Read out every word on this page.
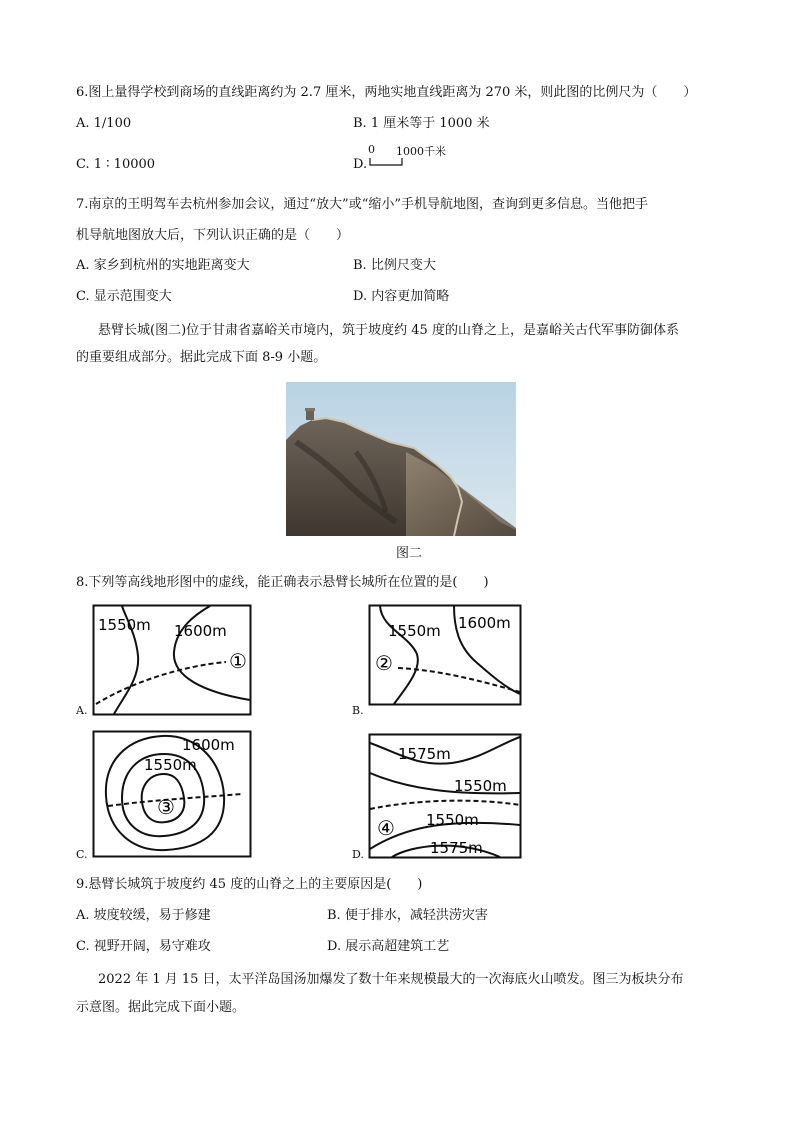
6.图上量得学校到商场的直线距离约为 2.7 厘米，两地实地直线距离为 270 米，则此图的比例尺为（　　）
A. 1/100	B. 1 厘米等于 1000 米
C. 1 ∶ 10000	D.
0 1000千米
7.南京的王明驾车去杭州参加会议，通过“放大”或“缩小”手机导航地图，查询到更多信息。当他把手
机导航地图放大后，下列认识正确的是（　　）
A. 家乡到杭州的实地距离变大	B. 比例尺变大
C. 显示范围变大	D. 内容更加简略
悬臂长城(图二)位于甘肃省嘉峪关市境内，筑于坡度约 45 度的山脊之上，是嘉峪关古代军事防御体系
的重要组成部分。据此完成下面 8-9 小题。
图二
8.下列等高线地形图中的虚线，能正确表示悬臂长城所在位置的是(　　)
A.
1550m 1600m
①
B.
1550m 1600m
②
C.
1600m
1550m
③
D.
1575m
1550m
1550m
1575m
④
9.悬臂长城筑于坡度约 45 度的山脊之上的主要原因是(　　)
A. 坡度较缓，易于修建	B. 便于排水，减轻洪涝灾害
C. 视野开阔，易守难攻	D. 展示高超建筑工艺
2022 年 1 月 15 日，太平洋岛国汤加爆发了数十年来规模最大的一次海底火山喷发。图三为板块分布
示意图。据此完成下面小题。
